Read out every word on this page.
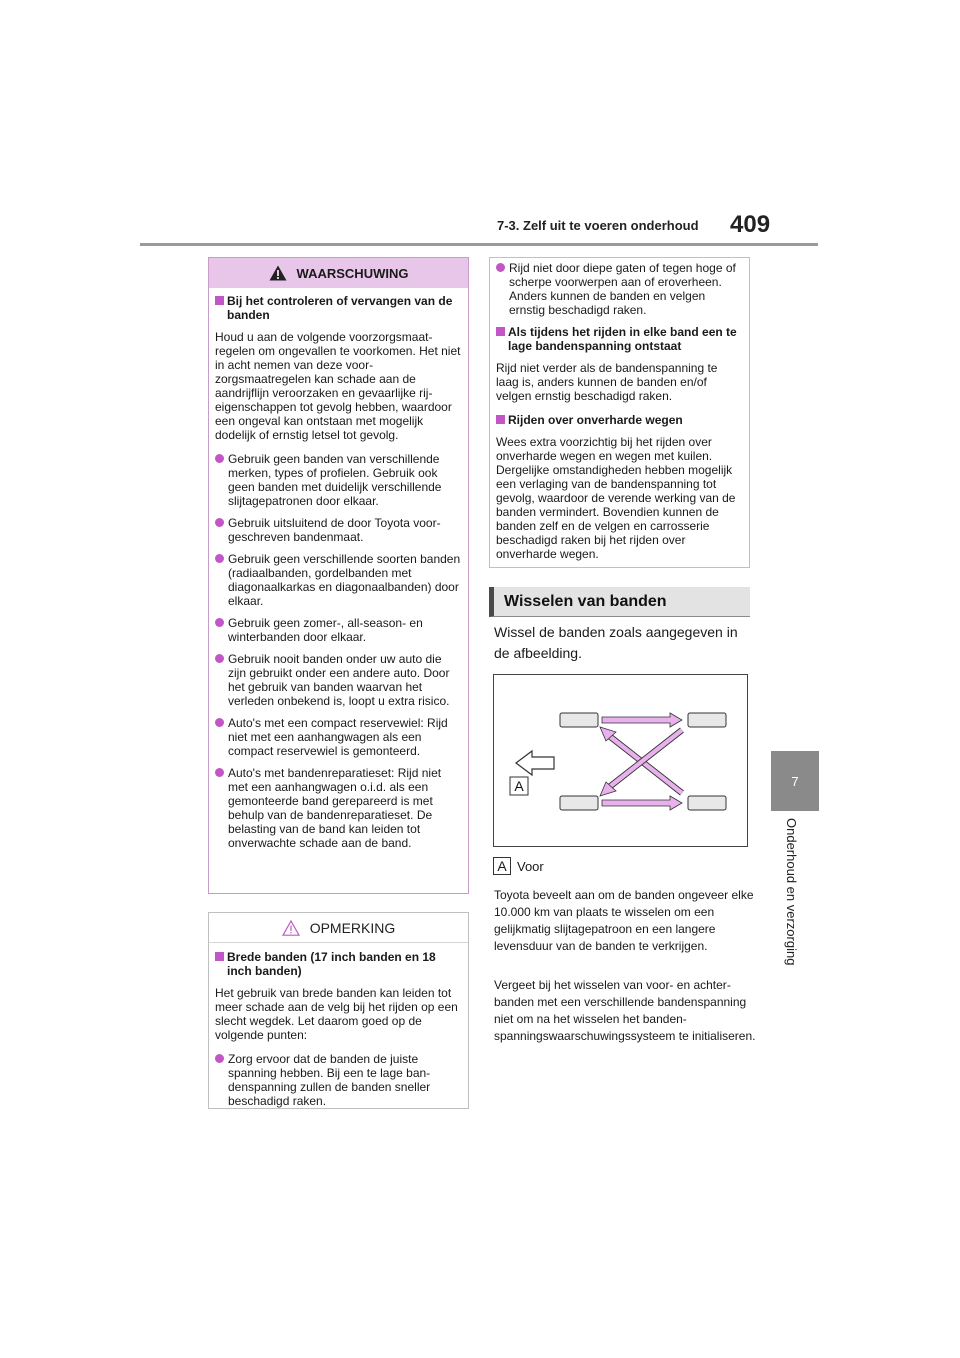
7-3. Zelf uit te voeren onderhoud 409
7
Onderhoud en verzorging
WAARSCHUWING
Bij het controleren of vervangen van de banden
Houd u aan de volgende voorzorgsmaatregelen om ongevallen te voorkomen. Het niet in acht nemen van deze voorzorgsmaatregelen kan schade aan de aandrijflijn veroorzaken en gevaarlijke rijeigenschappen tot gevolg hebben, waardoor een ongeval kan ontstaan met mogelijk dodelijk of ernstig letsel tot gevolg.
Gebruik geen banden van verschillende merken, types of profielen. Gebruik ook geen banden met duidelijk verschillende slijtagepatronen door elkaar.
Gebruik uitsluitend de door Toyota voorgeschreven bandenmaat.
Gebruik geen verschillende soorten banden (radiaalbanden, gordelbanden met diagonaalkarkas en diagonaalbanden) door elkaar.
Gebruik geen zomer-, all-season- en winterbanden door elkaar.
Gebruik nooit banden onder uw auto die zijn gebruikt onder een andere auto. Door het gebruik van banden waarvan het verleden onbekend is, loopt u extra risico.
Auto's met een compact reservewiel: Rijd niet met een aanhangwagen als een compact reservewiel is gemonteerd.
Auto's met bandenreparatieset: Rijd niet met een aanhangwagen o.i.d. als een gemonteerde band gerepareerd is met behulp van de bandenreparatieset. De belasting van de band kan leiden tot onverwachte schade aan de band.
OPMERKING
Brede banden (17 inch banden en 18 inch banden)
Het gebruik van brede banden kan leiden tot meer schade aan de velg bij het rijden op een slecht wegdek. Let daarom goed op de volgende punten:
Zorg ervoor dat de banden de juiste spanning hebben. Bij een te lage bandenspanning zullen de banden sneller beschadigd raken.
Rijd niet door diepe gaten of tegen hoge of scherpe voorwerpen aan of eroverheen. Anders kunnen de banden en velgen ernstig beschadigd raken.
Als tijdens het rijden in elke band een te lage bandenspanning ontstaat
Rijd niet verder als de bandenspanning te laag is, anders kunnen de banden en/of velgen ernstig beschadigd raken.
Rijden over onverharde wegen
Wees extra voorzichtig bij het rijden over onverharde wegen en wegen met kuilen. Dergelijke omstandigheden hebben mogelijk een verlaging van de bandenspanning tot gevolg, waardoor de verende werking van de banden vermindert. Bovendien kunnen de banden zelf en de velgen en carrosserie beschadigd raken bij het rijden over onverharde wegen.
Wisselen van banden
Wissel de banden zoals aangegeven in de afbeelding.
A
A Voor
Toyota beveelt aan om de banden ongeveer elke 10.000 km van plaats te wisselen om een gelijkmatig slijtagepatroon en een langere levensduur van de banden te verkrijgen.
Vergeet bij het wisselen van voor- en achterbanden met een verschillende bandenspanning niet om na het wisselen het bandenspanningswaarschuwingssysteem te initialiseren.
